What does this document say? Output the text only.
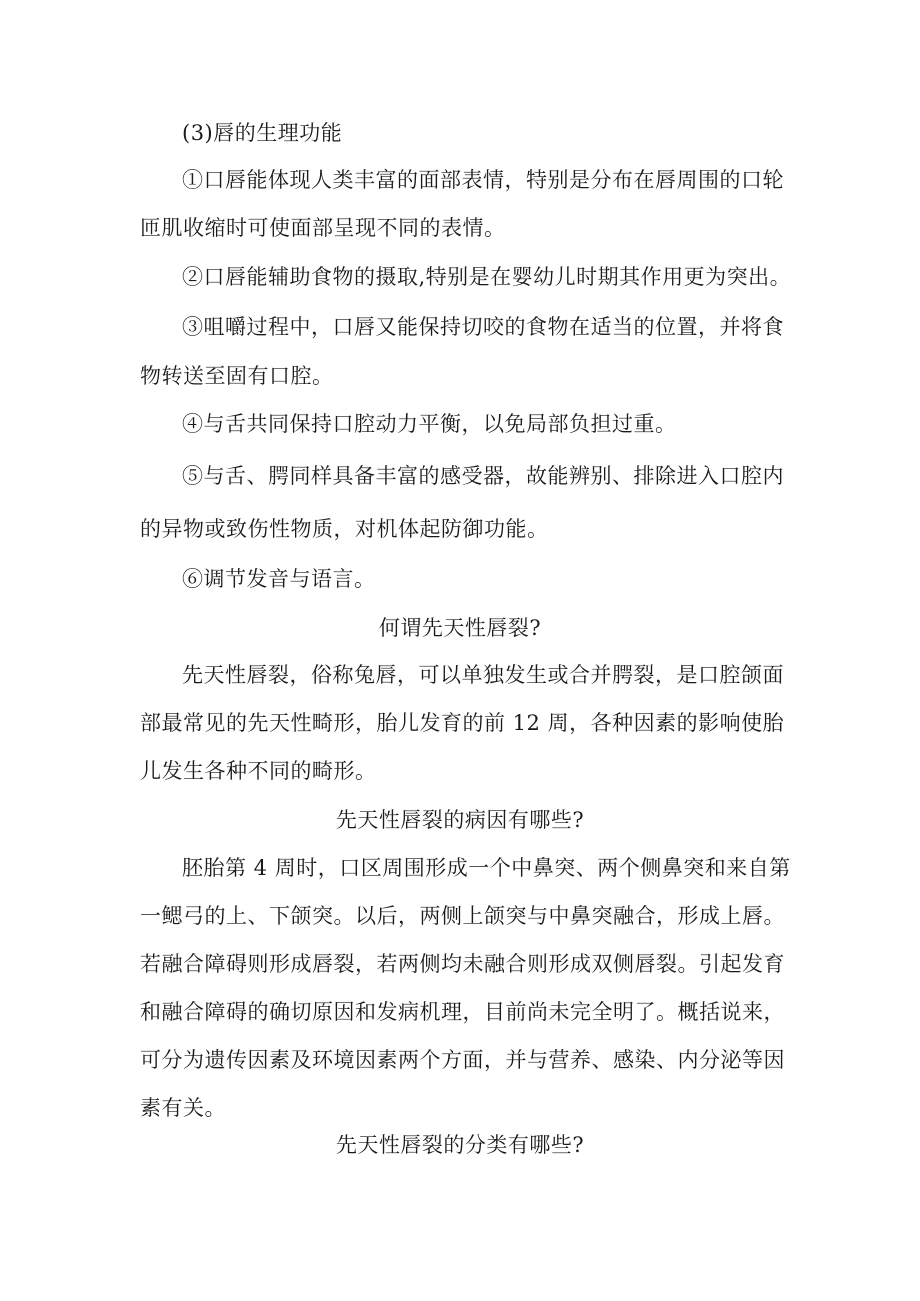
(3)唇的生理功能
①口唇能体现人类丰富的面部表情，特别是分布在唇周围的口轮
匝肌收缩时可使面部呈现不同的表情。
②口唇能辅助食物的摄取,特别是在婴幼儿时期其作用更为突出。
③咀嚼过程中，口唇又能保持切咬的食物在适当的位置，并将食
物转送至固有口腔。
④与舌共同保持口腔动力平衡，以免局部负担过重。
⑤与舌、腭同样具备丰富的感受器，故能辨别、排除进入口腔内
的异物或致伤性物质，对机体起防御功能。
⑥调节发音与语言。
何谓先天性唇裂?
先天性唇裂，俗称兔唇，可以单独发生或合并腭裂，是口腔颌面
部最常见的先天性畸形，胎儿发育的前 12 周，各种因素的影响使胎
儿发生各种不同的畸形。
先天性唇裂的病因有哪些?
胚胎第 4 周时，口区周围形成一个中鼻突、两个侧鼻突和来自第
一鳃弓的上、下颌突。以后，两侧上颌突与中鼻突融合，形成上唇。
若融合障碍则形成唇裂，若两侧均未融合则形成双侧唇裂。引起发育
和融合障碍的确切原因和发病机理，目前尚未完全明了。概括说来，
可分为遗传因素及环境因素两个方面，并与营养、感染、内分泌等因
素有关。
先天性唇裂的分类有哪些?
